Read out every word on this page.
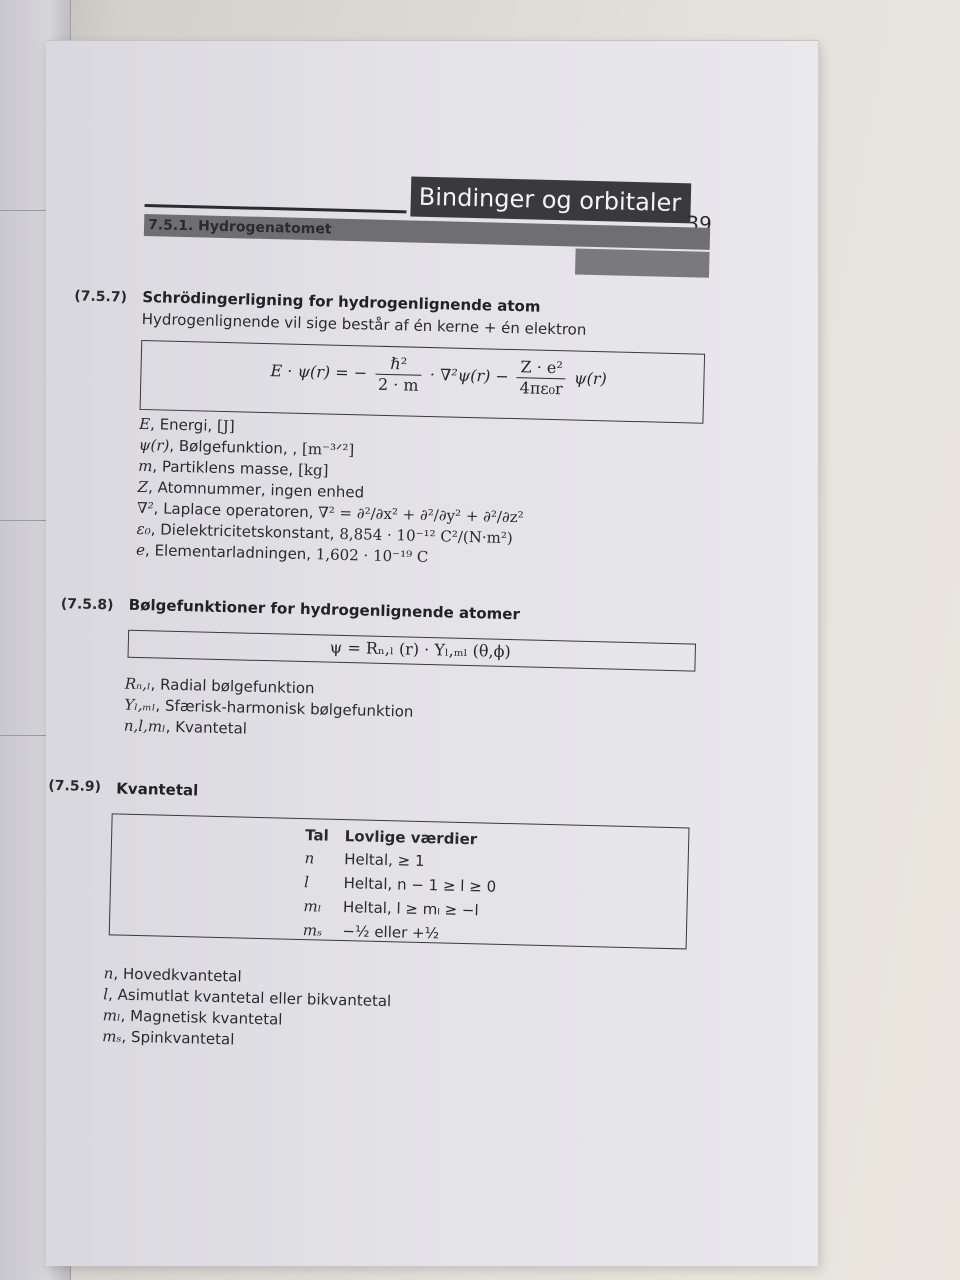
Bindinger og orbitaler
39
7.5.1. Hydrogenatomet
(7.5.7) Schrödingerligning for hydrogenlignende atom
Hydrogenlignende vil sige består af én kerne + én elektron
E · ψ(r) = − $\frac{\text{ℏ²}}{2 \cdot m} \cdot \nabla^2\psi(r) - \frac{\text{Z · e²}}{\text{4πε₀r}} \psi(r)$
E, Energi, [J]
ψ(r), Bølgefunktion, , [m⁻³ᐟ²]
m, Partiklens masse, [kg]
Z, Atomnummer, ingen enhed
∇², Laplace operatoren, ∇² = ∂²/∂x² + ∂²/∂y² + ∂²/∂z²
ε₀, Dielektricitetskonstant, 8,854 · 10⁻¹² C²/(N·m²)
e, Elementarladningen, 1,602 · 10⁻¹⁹ C
(7.5.8) Bølgefunktioner for hydrogenlignende atomer
ψ = Rₙ,ₗ (r) · Yₗ,ₘₗ (θ,ϕ)
Rₙ,ₗ, Radial bølgefunktion
Yₗ,ₘₗ, Sfærisk-harmonisk bølgefunktion
n,l,mₗ, Kvantetal
(7.5.9) Kvantetal
Tal	Lovlige værdier
n	Heltal, ≥ 1
l	Heltal, n − 1 ≥ l ≥ 0
mₗ	Heltal, l ≥ mₗ ≥ −l
mₛ	−½ eller +½
n, Hovedkvantetal
l, Asimutlat kvantetal eller bikvantetal
mₗ, Magnetisk kvantetal
mₛ, Spinkvantetal
